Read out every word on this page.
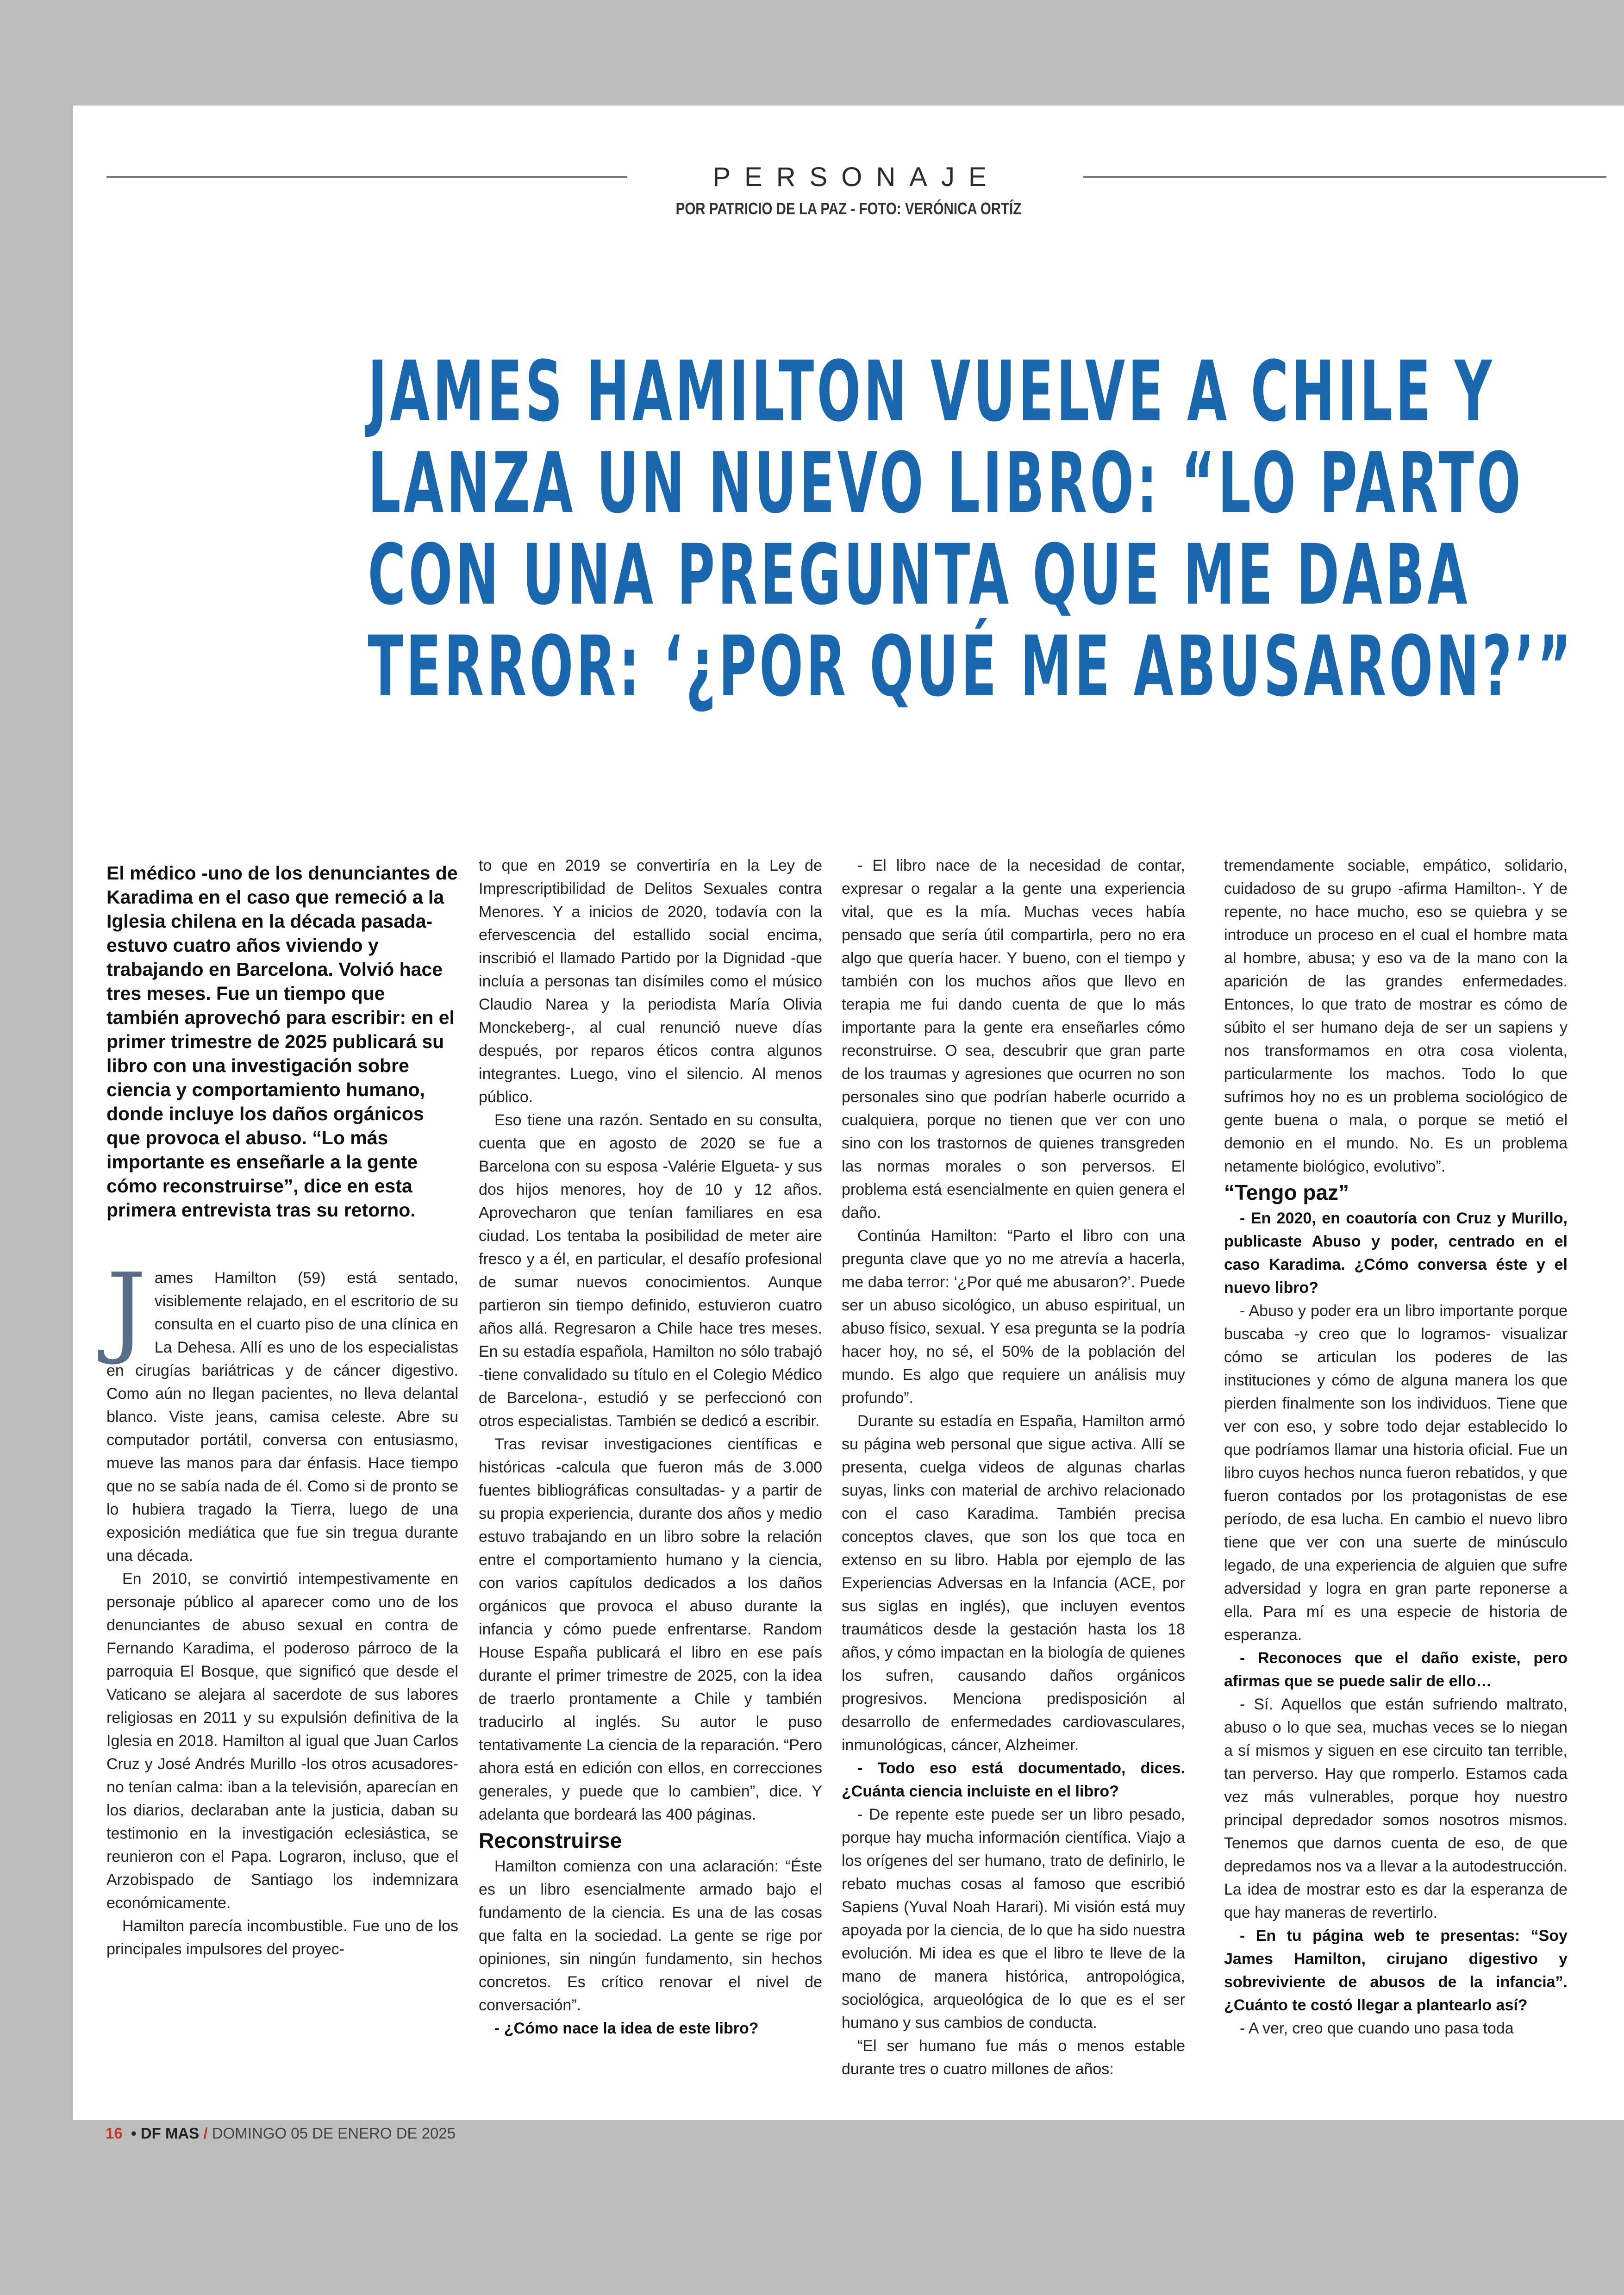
PERSONAJE
POR PATRICIO DE LA PAZ - FOTO: VERÓNICA ORTÍZ
JAMES HAMILTON VUELVE A CHILE Y
LANZA UN NUEVO LIBRO: “LO PARTO
CON UNA PREGUNTA QUE ME DABA
TERROR: ‘¿POR QUÉ ME ABUSARON?’”

El médico -uno de los denunciantes de Karadima en el caso que remeció a la Iglesia chilena en la década pasada- estuvo cuatro años viviendo y trabajando en Barcelona. Volvió hace tres meses. Fue un tiempo que también aprovechó para escribir: en el primer trimestre de 2025 publicará su libro con una investigación sobre ciencia y comportamiento humano, donde incluye los daños orgánicos que provoca el abuso. “Lo más importante es enseñarle a la gente cómo reconstruirse”, dice en esta primera entrevista tras su retorno.

James Hamilton (59) está sentado, visiblemente relajado, en el escritorio de su consulta en el cuarto piso de una clínica en La Dehesa. Allí es uno de los especialistas en cirugías bariátricas y de cáncer digestivo. Como aún no llegan pacientes, no lleva delantal blanco. Viste jeans, camisa celeste. Abre su computador portátil, conversa con entusiasmo, mueve las manos para dar énfasis. Hace tiempo que no se sabía nada de él. Como si de pronto se lo hubiera tragado la Tierra, luego de una exposición mediática que fue sin tregua durante una década.

En 2010, se convirtió intempestivamente en personaje público al aparecer como uno de los denunciantes de abuso sexual en contra de Fernando Karadima, el poderoso párroco de la parroquia El Bosque, que significó que desde el Vaticano se alejara al sacerdote de sus labores religiosas en 2011 y su expulsión definitiva de la Iglesia en 2018. Hamilton al igual que Juan Carlos Cruz y José Andrés Murillo -los otros acusadores- no tenían calma: iban a la televisión, aparecían en los diarios, declaraban ante la justicia, daban su testimonio en la investigación eclesiástica, se reunieron con el Papa. Lograron, incluso, que el Arzobispado de Santiago los indemnizara económicamente.

Hamilton parecía incombustible. Fue uno de los principales impulsores del proyec-

to que en 2019 se convertiría en la Ley de Imprescriptibilidad de Delitos Sexuales contra Menores. Y a inicios de 2020, todavía con la efervescencia del estallido social encima, inscribió el llamado Partido por la Dignidad -que incluía a personas tan disímiles como el músico Claudio Narea y la periodista María Olivia Monckeberg-, al cual renunció nueve días después, por reparos éticos contra algunos integrantes. Luego, vino el silencio. Al menos público.

Eso tiene una razón. Sentado en su consulta, cuenta que en agosto de 2020 se fue a Barcelona con su esposa -Valérie Elgueta- y sus dos hijos menores, hoy de 10 y 12 años. Aprovecharon que tenían familiares en esa ciudad. Los tentaba la posibilidad de meter aire fresco y a él, en particular, el desafío profesional de sumar nuevos conocimientos. Aunque partieron sin tiempo definido, estuvieron cuatro años allá. Regresaron a Chile hace tres meses. En su estadía española, Hamilton no sólo trabajó -tiene convalidado su título en el Colegio Médico de Barcelona-, estudió y se perfeccionó con otros especialistas. También se dedicó a escribir.

Tras revisar investigaciones científicas e históricas -calcula que fueron más de 3.000 fuentes bibliográficas consultadas- y a partir de su propia experiencia, durante dos años y medio estuvo trabajando en un libro sobre la relación entre el comportamiento humano y la ciencia, con varios capítulos dedicados a los daños orgánicos que provoca el abuso durante la infancia y cómo puede enfrentarse. Random House España publicará el libro en ese país durante el primer trimestre de 2025, con la idea de traerlo prontamente a Chile y también traducirlo al inglés. Su autor le puso tentativamente La ciencia de la reparación. “Pero ahora está en edición con ellos, en correcciones generales, y puede que lo cambien”, dice. Y adelanta que bordeará las 400 páginas.

Reconstruirse

Hamilton comienza con una aclaración: “Éste es un libro esencialmente armado bajo el fundamento de la ciencia. Es una de las cosas que falta en la sociedad. La gente se rige por opiniones, sin ningún fundamento, sin hechos concretos. Es crítico renovar el nivel de conversación”.

- ¿Cómo nace la idea de este libro?

- El libro nace de la necesidad de contar, expresar o regalar a la gente una experiencia vital, que es la mía. Muchas veces había pensado que sería útil compartirla, pero no era algo que quería hacer. Y bueno, con el tiempo y también con los muchos años que llevo en terapia me fui dando cuenta de que lo más importante para la gente era enseñarles cómo reconstruirse. O sea, descubrir que gran parte de los traumas y agresiones que ocurren no son personales sino que podrían haberle ocurrido a cualquiera, porque no tienen que ver con uno sino con los trastornos de quienes transgreden las normas morales o son perversos. El problema está esencialmente en quien genera el daño.

Continúa Hamilton: “Parto el libro con una pregunta clave que yo no me atrevía a hacerla, me daba terror: ‘¿Por qué me abusaron?’. Puede ser un abuso sicológico, un abuso espiritual, un abuso físico, sexual. Y esa pregunta se la podría hacer hoy, no sé, el 50% de la población del mundo. Es algo que requiere un análisis muy profundo”.

Durante su estadía en España, Hamilton armó su página web personal que sigue activa. Allí se presenta, cuelga videos de algunas charlas suyas, links con material de archivo relacionado con el caso Karadima. También precisa conceptos claves, que son los que toca en extenso en su libro. Habla por ejemplo de las Experiencias Adversas en la Infancia (ACE, por sus siglas en inglés), que incluyen eventos traumáticos desde la gestación hasta los 18 años, y cómo impactan en la biología de quienes los sufren, causando daños orgánicos progresivos. Menciona predisposición al desarrollo de enfermedades cardiovasculares, inmunológicas, cáncer, Alzheimer.

- Todo eso está documentado, dices. ¿Cuánta ciencia incluiste en el libro?

- De repente este puede ser un libro pesado, porque hay mucha información científica. Viajo a los orígenes del ser humano, trato de definirlo, le rebato muchas cosas al famoso que escribió Sapiens (Yuval Noah Harari). Mi visión está muy apoyada por la ciencia, de lo que ha sido nuestra evolución. Mi idea es que el libro te lleve de la mano de manera histórica, antropológica, sociológica, arqueológica de lo que es el ser humano y sus cambios de conducta.

“El ser humano fue más o menos estable durante tres o cuatro millones de años:

tremendamente sociable, empático, solidario, cuidadoso de su grupo -afirma Hamilton-. Y de repente, no hace mucho, eso se quiebra y se introduce un proceso en el cual el hombre mata al hombre, abusa; y eso va de la mano con la aparición de las grandes enfermedades. Entonces, lo que trato de mostrar es cómo de súbito el ser humano deja de ser un sapiens y nos transformamos en otra cosa violenta, particularmente los machos. Todo lo que sufrimos hoy no es un problema sociológico de gente buena o mala, o porque se metió el demonio en el mundo. No. Es un problema netamente biológico, evolutivo”.

“Tengo paz”

- En 2020, en coautoría con Cruz y Murillo, publicaste Abuso y poder, centrado en el caso Karadima. ¿Cómo conversa éste y el nuevo libro?

- Abuso y poder era un libro importante porque buscaba -y creo que lo logramos- visualizar cómo se articulan los poderes de las instituciones y cómo de alguna manera los que pierden finalmente son los individuos. Tiene que ver con eso, y sobre todo dejar establecido lo que podríamos llamar una historia oficial. Fue un libro cuyos hechos nunca fueron rebatidos, y que fueron contados por los protagonistas de ese período, de esa lucha. En cambio el nuevo libro tiene que ver con una suerte de minúsculo legado, de una experiencia de alguien que sufre adversidad y logra en gran parte reponerse a ella. Para mí es una especie de historia de esperanza.

- Reconoces que el daño existe, pero afirmas que se puede salir de ello…

- Sí. Aquellos que están sufriendo maltrato, abuso o lo que sea, muchas veces se lo niegan a sí mismos y siguen en ese circuito tan terrible, tan perverso. Hay que romperlo. Estamos cada vez más vulnerables, porque hoy nuestro principal depredador somos nosotros mismos. Tenemos que darnos cuenta de eso, de que depredamos nos va a llevar a la autodestrucción. La idea de mostrar esto es dar la esperanza de que hay maneras de revertirlo.

- En tu página web te presentas: “Soy James Hamilton, cirujano digestivo y sobreviviente de abusos de la infancia”. ¿Cuánto te costó llegar a plantearlo así?

- A ver, creo que cuando uno pasa toda

16 • DF MAS / DOMINGO 05 DE ENERO DE 2025
